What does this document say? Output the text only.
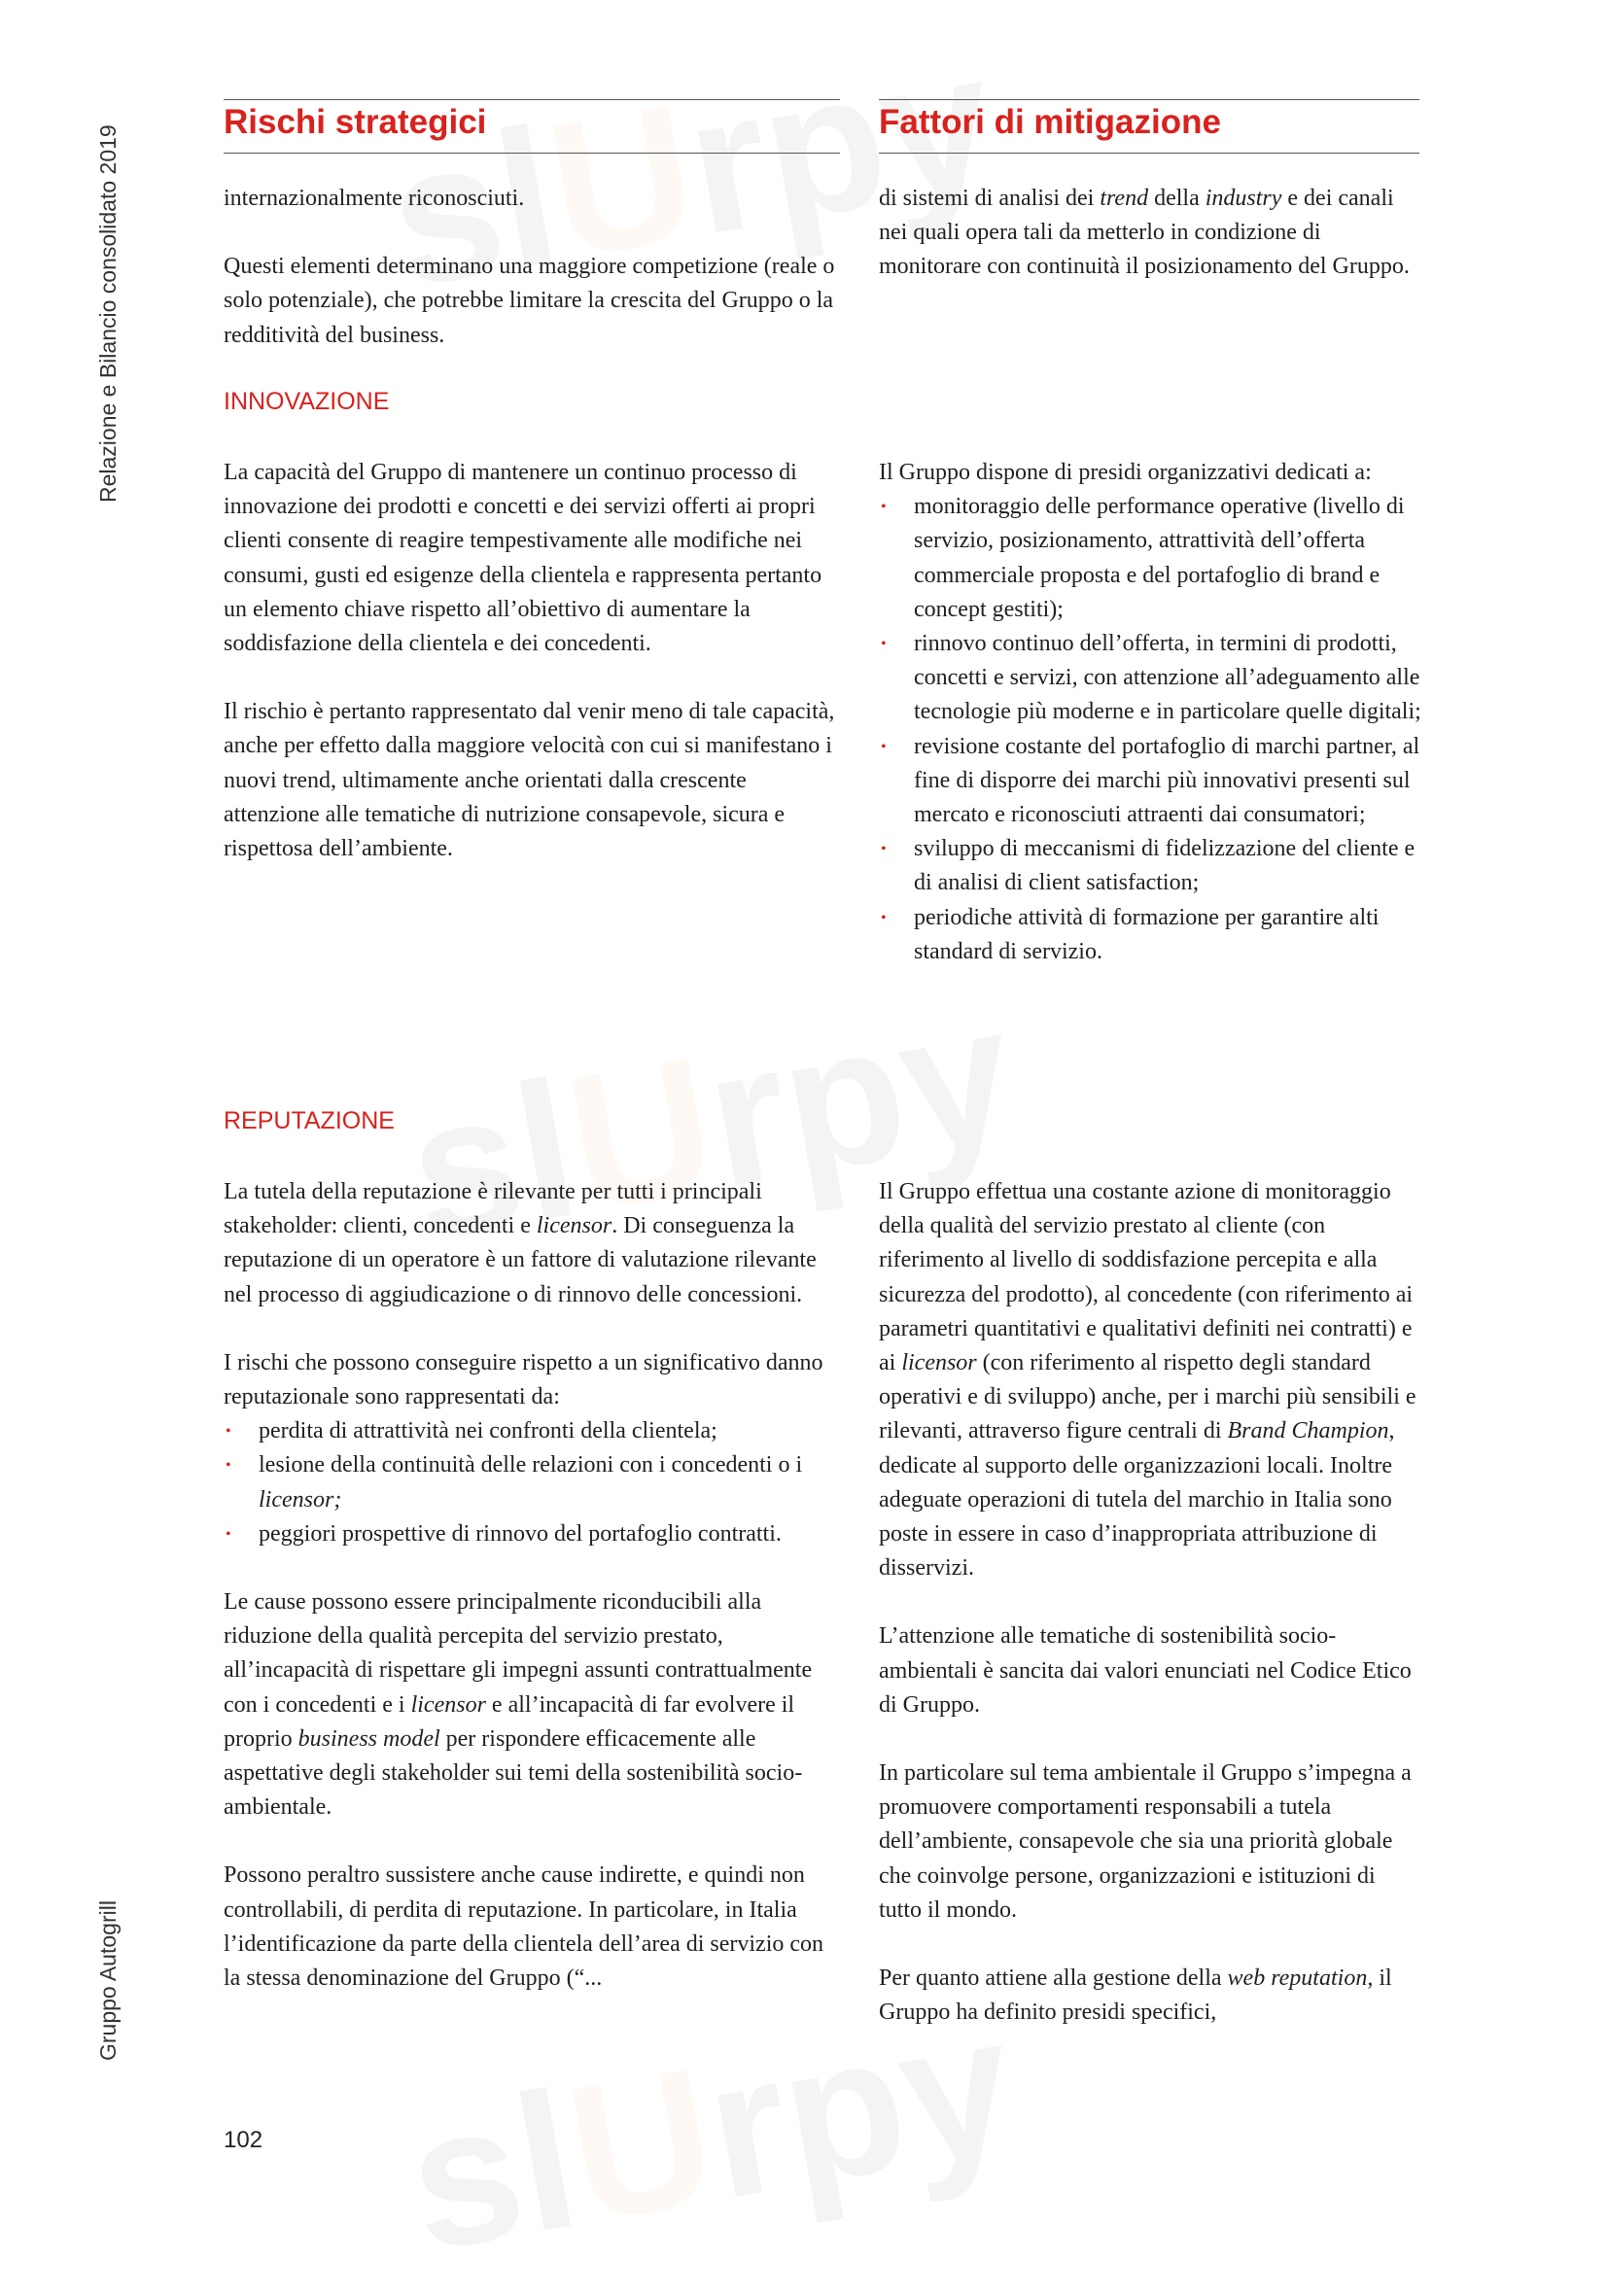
Relazione e Bilancio consolidato 2019
Gruppo Autogrill
Rischi strategici	Fattori di mitigazione

internazionalmente riconosciuti.

Questi elementi determinano una maggiore competizione (reale o solo potenziale), che potrebbe limitare la crescita del Gruppo o la redditività del business.

di sistemi di analisi dei trend della industry e dei canali nei quali opera tali da metterlo in condizione di monitorare con continuità il posizionamento del Gruppo.

INNOVAZIONE

La capacità del Gruppo di mantenere un continuo processo di innovazione dei prodotti e concetti e dei servizi offerti ai propri clienti consente di reagire tempestivamente alle modifiche nei consumi, gusti ed esigenze della clientela e rappresenta pertanto un elemento chiave rispetto all’obiettivo di aumentare la soddisfazione della clientela e dei concedenti.

Il rischio è pertanto rappresentato dal venir meno di tale capacità, anche per effetto dalla maggiore velocità con cui si manifestano i nuovi trend, ultimamente anche orientati dalla crescente attenzione alle tematiche di nutrizione consapevole, sicura e rispettosa dell’ambiente.

Il Gruppo dispone di presidi organizzativi dedicati a:

• monitoraggio delle performance operative (livello di servizio, posizionamento, attrattività dell’offerta commerciale proposta e del portafoglio di brand e concept gestiti);
• rinnovo continuo dell’offerta, in termini di prodotti, concetti e servizi, con attenzione all’adeguamento alle tecnologie più moderne e in particolare quelle digitali;
• revisione costante del portafoglio di marchi partner, al fine di disporre dei marchi più innovativi presenti sul mercato e riconosciuti attraenti dai consumatori;
• sviluppo di meccanismi di fidelizzazione del cliente e di analisi di client satisfaction;
• periodiche attività di formazione per garantire alti standard di servizio.
REPUTAZIONE

La tutela della reputazione è rilevante per tutti i principali stakeholder: clienti, concedenti e licensor. Di conseguenza la reputazione di un operatore è un fattore di valutazione rilevante nel processo di aggiudicazione o di rinnovo delle concessioni.

I rischi che possono conseguire rispetto a un significativo danno reputazionale sono rappresentati da:

• perdita di attrattività nei confronti della clientela;
• lesione della continuità delle relazioni con i concedenti o i licensor;
• peggiori prospettive di rinnovo del portafoglio contratti.

Le cause possono essere principalmente riconducibili alla riduzione della qualità percepita del servizio prestato, all’incapacità di rispettare gli impegni assunti contrattualmente con i concedenti e i licensor e all’incapacità di far evolvere il proprio business model per rispondere efficacemente alle aspettative degli stakeholder sui temi della sostenibilità socio-ambientale.

Possono peraltro sussistere anche cause indirette, e quindi non controllabili, di perdita di reputazione. In particolare, in Italia l’identificazione da parte della clientela dell’area di servizio con la stessa denominazione del Gruppo (“...

Il Gruppo effettua una costante azione di monitoraggio della qualità del servizio prestato al cliente (con riferimento al livello di soddisfazione percepita e alla sicurezza del prodotto), al concedente (con riferimento ai parametri quantitativi e qualitativi definiti nei contratti) e ai licensor (con riferimento al rispetto degli standard operativi e di sviluppo) anche, per i marchi più sensibili e rilevanti, attraverso figure centrali di Brand Champion, dedicate al supporto delle organizzazioni locali. Inoltre adeguate operazioni di tutela del marchio in Italia sono poste in essere in caso d’inappropriata attribuzione di disservizi.

L’attenzione alle tematiche di sostenibilità socio-ambientali è sancita dai valori enunciati nel Codice Etico di Gruppo.

In particolare sul tema ambientale il Gruppo s’impegna a promuovere comportamenti responsabili a tutela dell’ambiente, consapevole che sia una priorità globale che coinvolge persone, organizzazioni e istituzioni di tutto il mondo.

Per quanto attiene alla gestione della web reputation, il Gruppo ha definito presidi specifici,

102
